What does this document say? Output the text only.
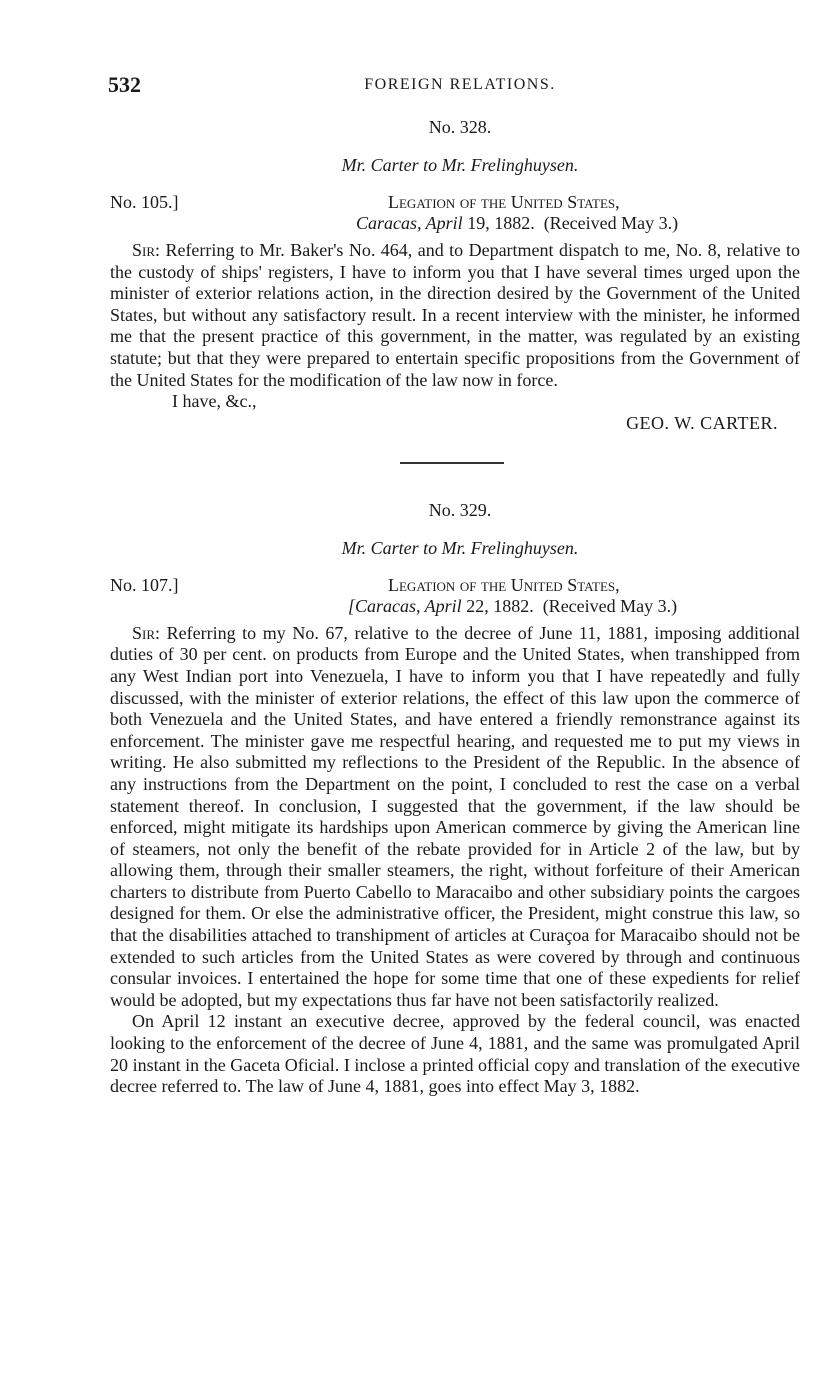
532	FOREIGN RELATIONS.
No. 328.
Mr. Carter to Mr. Frelinghuysen.
No. 105.]	Legation of the United States,
Caracas, April 19, 1882. (Received May 3.)

Sir: Referring to Mr. Baker's No. 464, and to Department dispatch to me, No. 8, relative to the custody of ships' registers, I have to inform you that I have several times urged upon the minister of exterior relations action, in the direction desired by the Government of the United States, but without any satisfactory result. In a recent interview with the minister, he informed me that the present practice of this government, in the matter, was regulated by an existing statute; but that they were prepared to entertain specific propositions from the Government of the United States for the modification of the law now in force.

I have, &c.,
GEO. W. CARTER.
No. 329.
Mr. Carter to Mr. Frelinghuysen.
No. 107.]	Legation of the United States,
[Caracas, April 22, 1882. (Received May 3.)

Sir: Referring to my No. 67, relative to the decree of June 11, 1881, imposing additional duties of 30 per cent. on products from Europe and the United States, when transhipped from any West Indian port into Venezuela, I have to inform you that I have repeatedly and fully discussed, with the minister of exterior relations, the effect of this law upon the commerce of both Venezuela and the United States, and have entered a friendly remonstrance against its enforcement. The minister gave me respectful hearing, and requested me to put my views in writing. He also submitted my reflections to the President of the Republic. In the absence of any instructions from the Department on the point, I concluded to rest the case on a verbal statement thereof. In conclusion, I suggested that the government, if the law should be enforced, might mitigate its hardships upon American commerce by giving the American line of steamers, not only the benefit of the rebate provided for in Article 2 of the law, but by allowing them, through their smaller steamers, the right, without forfeiture of their American charters to distribute from Puerto Cabello to Maracaibo and other subsidiary points the cargoes designed for them. Or else the administrative officer, the President, might construe this law, so that the disabilities attached to transhipment of articles at Curaçoa for Maracaibo should not be extended to such articles from the United States as were covered by through and continuous consular invoices. I entertained the hope for some time that one of these expedients for relief would be adopted, but my expectations thus far have not been satisfactorily realized.

On April 12 instant an executive decree, approved by the federal council, was enacted looking to the enforcement of the decree of June 4, 1881, and the same was promulgated April 20 instant in the Gaceta Oficial. I inclose a printed official copy and translation of the executive decree referred to. The law of June 4, 1881, goes into effect May 3, 1882.
